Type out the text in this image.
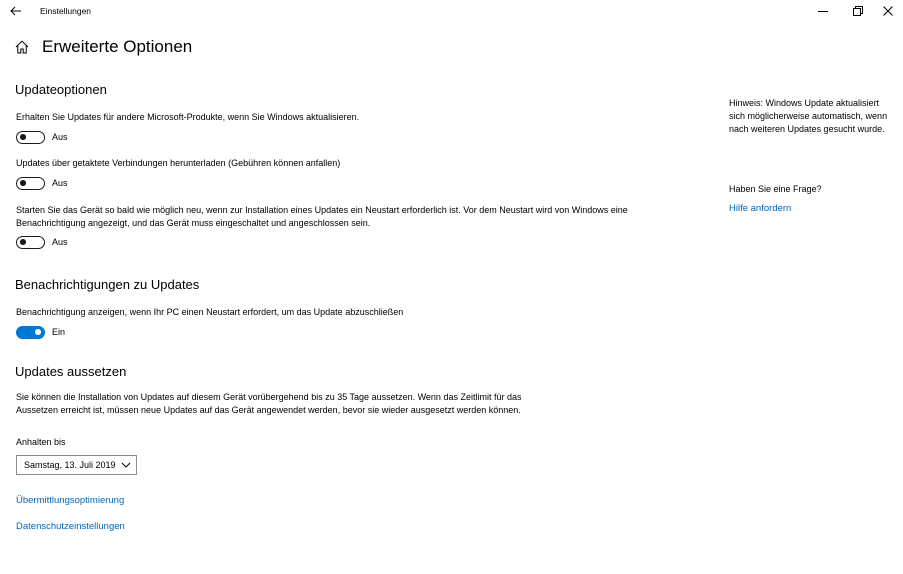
Einstellungen
Erweiterte Optionen
Updateoptionen
Erhalten Sie Updates für andere Microsoft-Produkte, wenn Sie Windows aktualisieren.
Aus
Updates über getaktete Verbindungen herunterladen (Gebühren können anfallen)
Aus
Starten Sie das Gerät so bald wie möglich neu, wenn zur Installation eines Updates ein Neustart erforderlich ist. Vor dem Neustart wird von Windows eine Benachrichtigung angezeigt, und das Gerät muss eingeschaltet und angeschlossen sein.
Aus
Benachrichtigungen zu Updates
Benachrichtigung anzeigen, wenn Ihr PC einen Neustart erfordert, um das Update abzuschließen
Ein
Updates aussetzen
Sie können die Installation von Updates auf diesem Gerät vorübergehend bis zu 35 Tage aussetzen. Wenn das Zeitlimit für das Aussetzen erreicht ist, müssen neue Updates auf das Gerät angewendet werden, bevor sie wieder ausgesetzt werden können.
Anhalten bis
Samstag, 13. Juli 2019
Übermittlungsoptimierung
Datenschutzeinstellungen
Hinweis: Windows Update aktualisiert sich möglicherweise automatisch, wenn nach weiteren Updates gesucht wurde.
Haben Sie eine Frage?
Hilfe anfordern
